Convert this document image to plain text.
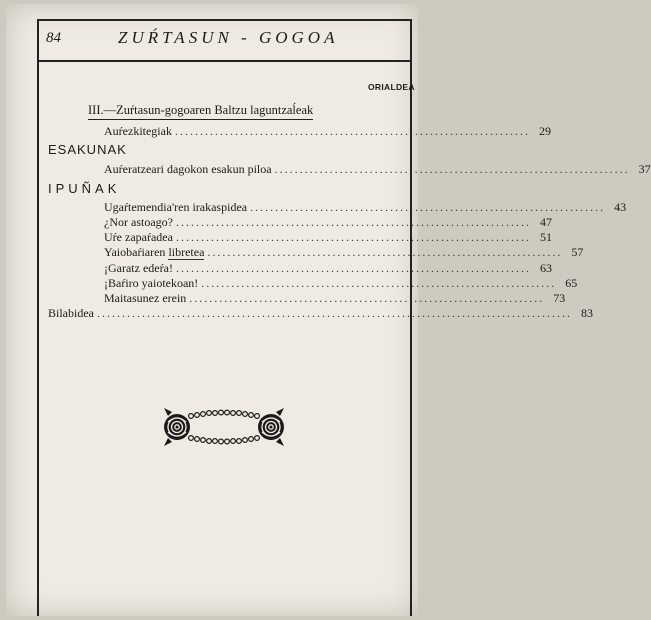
84	ZUŔTASUN - GOGOA
ORIALDEA
III.—Zuŕtasun-gogoaren Baltzu laguntzaĺeak
Auŕezkitegiak ....................................................................... 29
ESAKUNAK
Auŕeratzeari dagokon esakun piloa ....................................................................... 37
IPUÑAK
Ugaŕtemendia'ren irakaspidea ....................................................................... 43
¿Nor astoago? ....................................................................... 47
Uŕe zapaŕadea ....................................................................... 51
Yaiobaŕiaren libretea ....................................................................... 57
¡Garatz edeŕa! ....................................................................... 63
¡Baŕiro yaiotekoan! ....................................................................... 65
Maitasunez erein ....................................................................... 73
Bilabidea ............................................................................................... 83
